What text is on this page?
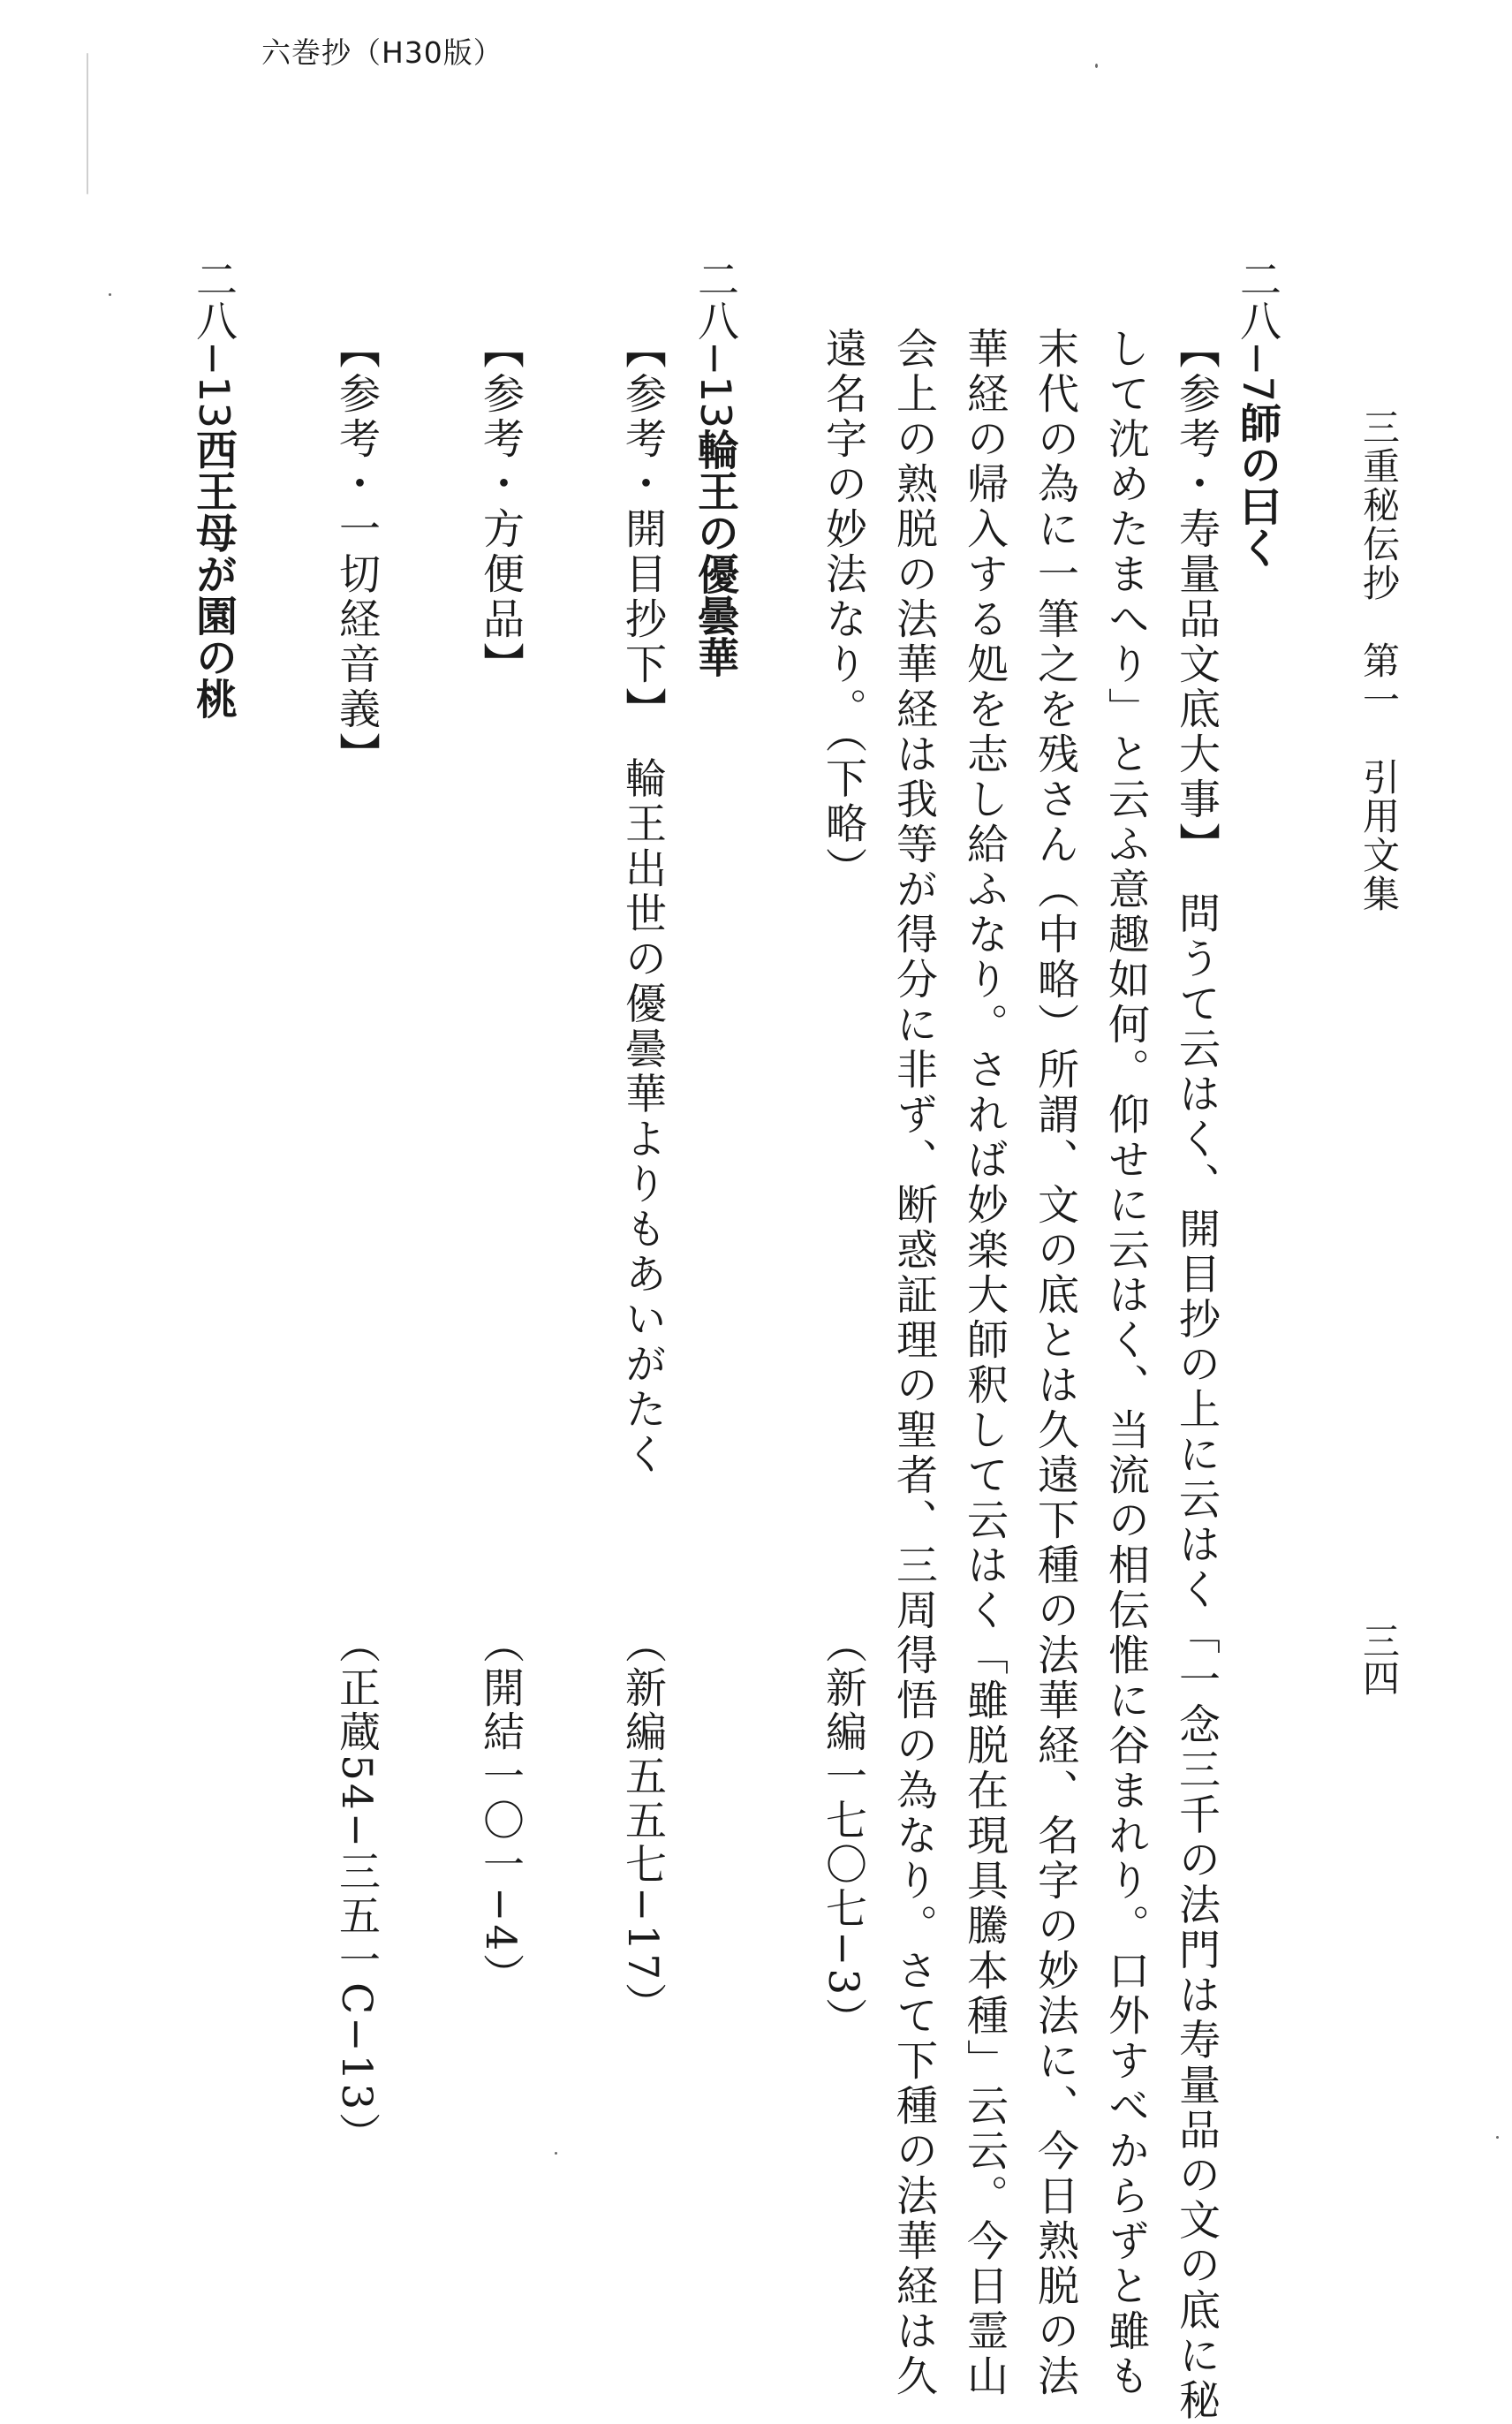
六巻抄（H30版）
三重秘伝抄　第一　引用文集
三四
二八−7師の曰く
【参考・寿量品文底大事】　問うて云はく、開目抄の上に云はく「一念三千の法門は寿量品の文の底に秘
して沈めたまへり」と云ふ意趣如何。仰せに云はく、当流の相伝惟に谷まれり。口外すべからずと雖も
末代の為に一筆之を残さん（中略）所謂、文の底とは久遠下種の法華経、名字の妙法に、今日熟脱の法
華経の帰入する処を志し給ふなり。されば妙楽大師釈して云はく「雖脱在現具騰本種」云云。今日霊山
会上の熟脱の法華経は我等が得分に非ず、断惑証理の聖者、三周得悟の為なり。さて下種の法華経は久
遠名字の妙法なり。（下略）
（新編一七〇七−3）
二八−13輪王の優曇華
【参考・開目抄下】　輪王出世の優曇華よりもあいがたく
（新編五五七−17）
【参考・方便品】
（開結一〇一−4）
【参考・一切経音義】
（正蔵54−三五一C−13）
二八−13西王母が園の桃
